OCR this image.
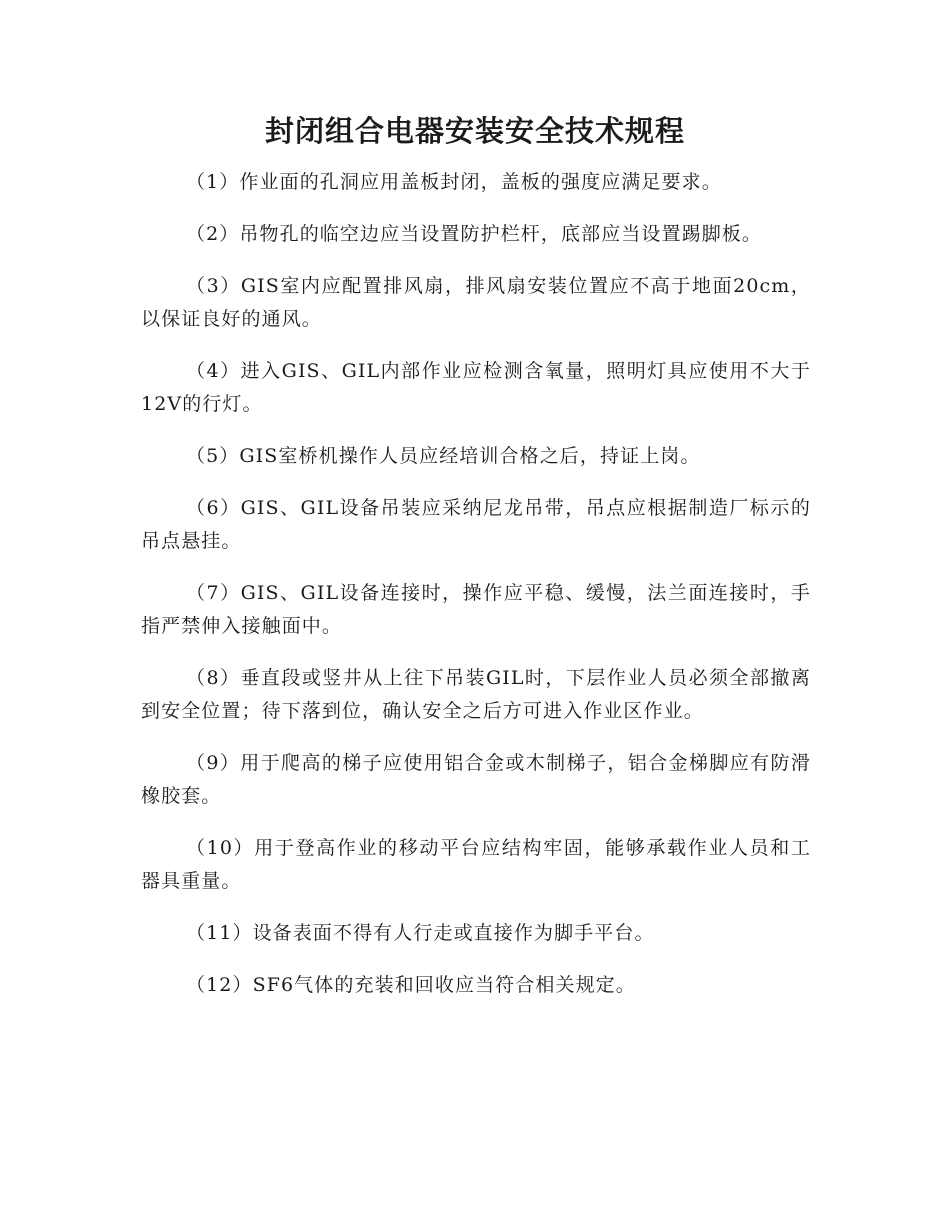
封闭组合电器安装安全技术规程

（1）作业面的孔洞应用盖板封闭，盖板的强度应满足要求。

（2）吊物孔的临空边应当设置防护栏杆，底部应当设置踢脚板。

（3）GIS室内应配置排风扇，排风扇安装位置应不高于地面20cm，以保证良好的通风。

（4）进入GIS、GIL内部作业应检测含氧量，照明灯具应使用不大于12V的行灯。

（5）GIS室桥机操作人员应经培训合格之后，持证上岗。

（6）GIS、GIL设备吊装应采纳尼龙吊带，吊点应根据制造厂标示的吊点悬挂。

（7）GIS、GIL设备连接时，操作应平稳、缓慢，法兰面连接时，手指严禁伸入接触面中。

（8）垂直段或竖井从上往下吊装GIL时，下层作业人员必须全部撤离到安全位置；待下落到位，确认安全之后方可进入作业区作业。

（9）用于爬高的梯子应使用铝合金或木制梯子，铝合金梯脚应有防滑橡胶套。

（10）用于登高作业的移动平台应结构牢固，能够承载作业人员和工器具重量。

（11）设备表面不得有人行走或直接作为脚手平台。

（12）SF6气体的充装和回收应当符合相关规定。
